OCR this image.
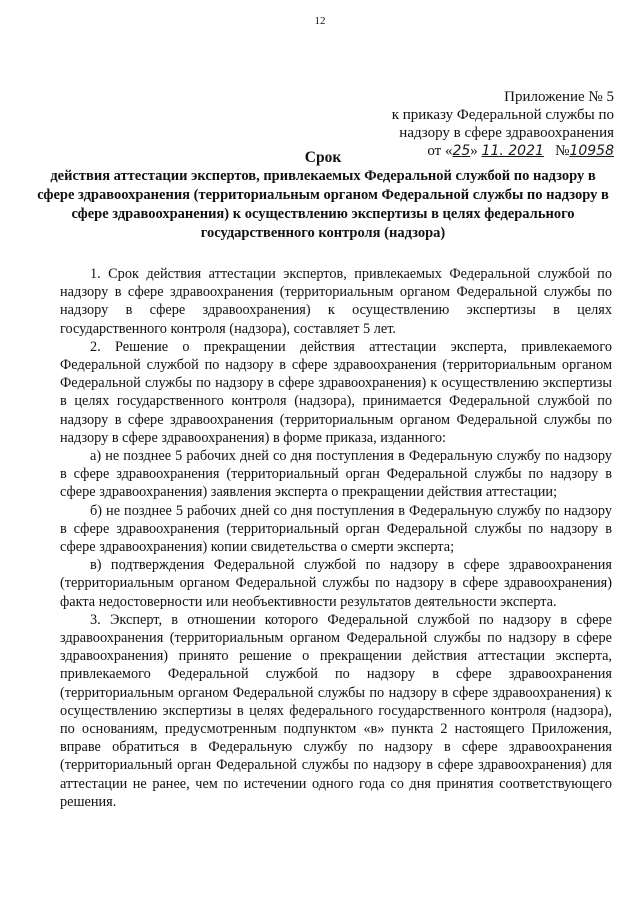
12
Приложение № 5
к приказу Федеральной службы по
надзору в сфере здравоохранения
от «25» 11. 2021 №10958
Срок
действия аттестации экспертов, привлекаемых Федеральной службой по надзору в сфере здравоохранения (территориальным органом Федеральной службы по надзору в сфере здравоохранения) к осуществлению экспертизы в целях федерального государственного контроля (надзора)

1. Срок действия аттестации экспертов, привлекаемых Федеральной службой по надзору в сфере здравоохранения (территориальным органом Федеральной службы по надзору в сфере здравоохранения) к осуществлению экспертизы в целях государственного контроля (надзора), составляет 5 лет.

2. Решение о прекращении действия аттестации эксперта, привлекаемого Федеральной службой по надзору в сфере здравоохранения (территориальным органом Федеральной службы по надзору в сфере здравоохранения) к осуществлению экспертизы в целях государственного контроля (надзора), принимается Федеральной службой по надзору в сфере здравоохранения (территориальным органом Федеральной службы по надзору в сфере здравоохранения) в форме приказа, изданного:

а) не позднее 5 рабочих дней со дня поступления в Федеральную службу по надзору в сфере здравоохранения (территориальный орган Федеральной службы по надзору в сфере здравоохранения) заявления эксперта о прекращении действия аттестации;

б) не позднее 5 рабочих дней со дня поступления в Федеральную службу по надзору в сфере здравоохранения (территориальный орган Федеральной службы по надзору в сфере здравоохранения) копии свидетельства о смерти эксперта;

в) подтверждения Федеральной службой по надзору в сфере здравоохранения (территориальным органом Федеральной службы по надзору в сфере здравоохранения) факта недостоверности или необъективности результатов деятельности эксперта.

3. Эксперт, в отношении которого Федеральной службой по надзору в сфере здравоохранения (территориальным органом Федеральной службы по надзору в сфере здравоохранения) принято решение о прекращении действия аттестации эксперта, привлекаемого Федеральной службой по надзору в сфере здравоохранения (территориальным органом Федеральной службы по надзору в сфере здравоохранения) к осуществлению экспертизы в целях федерального государственного контроля (надзора), по основаниям, предусмотренным подпунктом «в» пункта 2 настоящего Приложения, вправе обратиться в Федеральную службу по надзору в сфере здравоохранения (территориальный орган Федеральной службы по надзору в сфере здравоохранения) для аттестации не ранее, чем по истечении одного года со дня принятия соответствующего решения.
